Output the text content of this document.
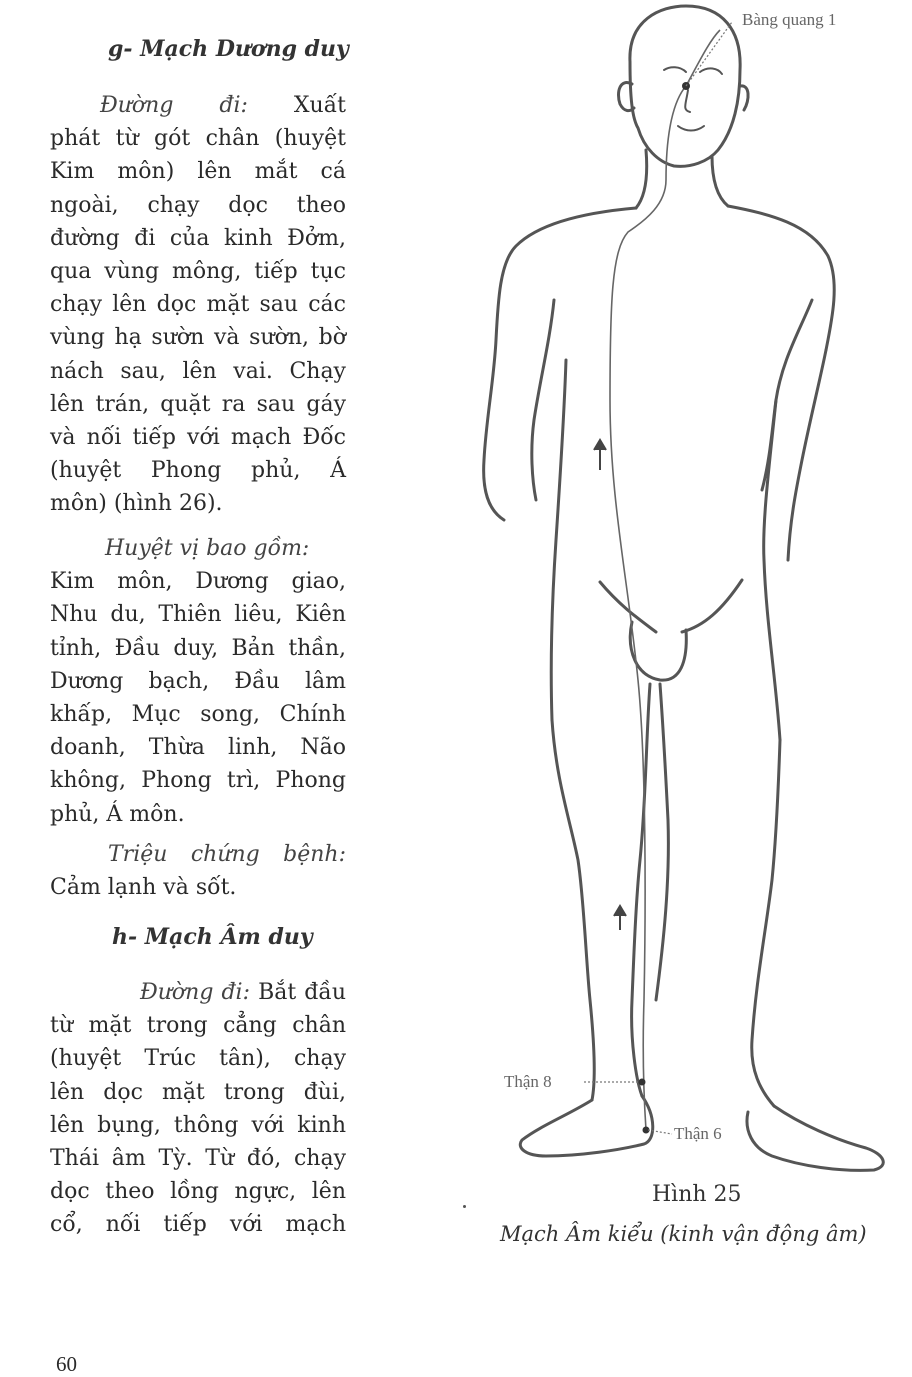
g- Mạch Dương duy

Đường đi: Xuất

phát từ gót chân (huyệt

Kim môn) lên mắt cá

ngoài, chạy dọc theo

đường đi của kinh Đởm,

qua vùng mông, tiếp tục

chạy lên dọc mặt sau các

vùng hạ sườn và sườn, bờ

nách sau, lên vai. Chạy

lên trán, quặt ra sau gáy

và nối tiếp với mạch Đốc

(huyệt Phong phủ, Á

môn) (hình 26).

Huyệt vị bao gồm:

Kim môn, Dương giao,

Nhu du, Thiên liêu, Kiên

tỉnh, Đầu duy, Bản thần,

Dương bạch, Đầu lâm

khấp, Mục song, Chính

doanh, Thừa linh, Não

không, Phong trì, Phong

phủ, Á môn.

Triệu chứng bệnh:

Cảm lạnh và sốt.

h- Mạch Âm duy

Đường đi: Bắt đầu

từ mặt trong cẳng chân

(huyệt Trúc tân), chạy

lên dọc mặt trong đùi,

lên bụng, thông với kinh

Thái âm Tỳ. Từ đó, chạy

dọc theo lồng ngực, lên

cổ, nối tiếp với mạch

Bàng quang 1
Thận 8
Thận 6
Hình 25
Mạch Âm kiểu (kinh vận động âm)
60
